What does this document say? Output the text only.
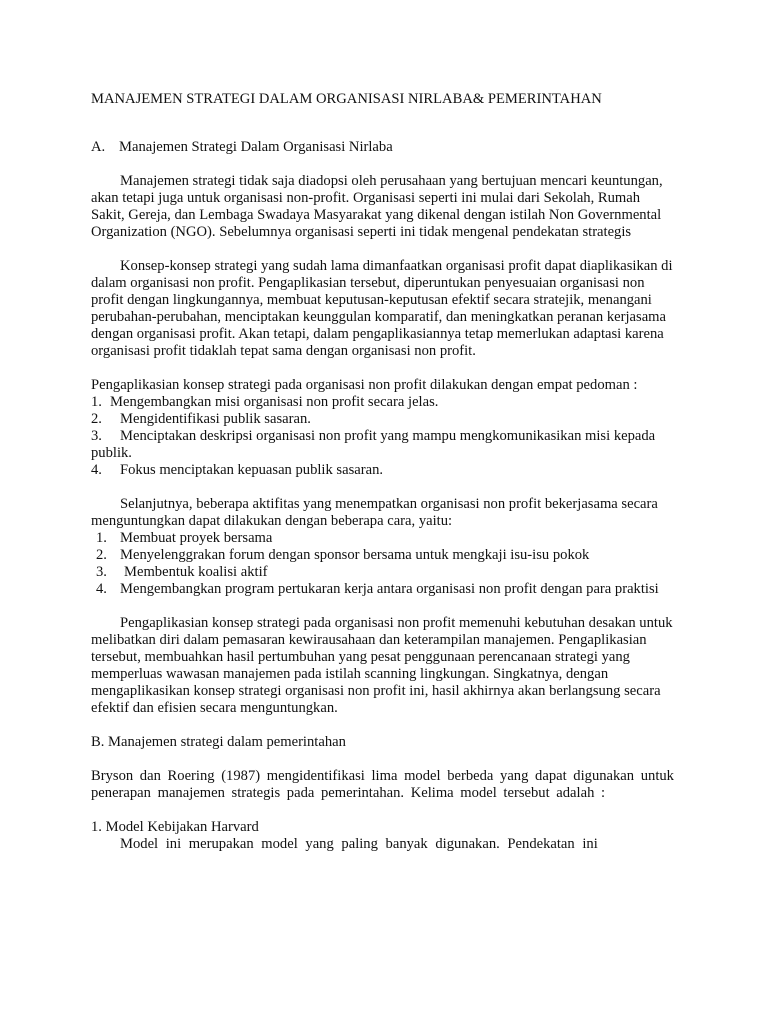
MANAJEMEN STRATEGI DALAM ORGANISASI NIRLABA& PEMERINTAHAN
A. Manajemen Strategi Dalam Organisasi Nirlaba

Manajemen strategi tidak saja diadopsi oleh perusahaan yang bertujuan mencari keuntungan, akan tetapi juga untuk organisasi non-profit. Organisasi seperti ini mulai dari Sekolah, Rumah Sakit, Gereja, dan Lembaga Swadaya Masyarakat yang dikenal dengan istilah Non Governmental Organization (NGO). Sebelumnya organisasi seperti ini tidak mengenal pendekatan strategis

Konsep-konsep strategi yang sudah lama dimanfaatkan organisasi profit dapat diaplikasikan di dalam organisasi non profit. Pengaplikasian tersebut, diperuntukan penyesuaian organisasi non profit dengan lingkungannya, membuat keputusan-keputusan efektif secara stratejik, menangani perubahan-perubahan, menciptakan keunggulan komparatif, dan meningkatkan peranan kerjasama dengan organisasi profit. Akan tetapi, dalam pengaplikasiannya tetap memerlukan adaptasi karena organisasi profit tidaklah tepat sama dengan organisasi non profit.

Pengaplikasian konsep strategi pada organisasi non profit dilakukan dengan empat pedoman :
1. Mengembangkan misi organisasi non profit secara jelas.
2. Mengidentifikasi publik sasaran.
3. Menciptakan deskripsi organisasi non profit yang mampu mengkomunikasikan misi kepada publik.
4. Fokus menciptakan kepuasan publik sasaran.
Selanjutnya, beberapa aktifitas yang menempatkan organisasi non profit bekerjasama secara menguntungkan dapat dilakukan dengan beberapa cara, yaitu:
1. Membuat proyek bersama
2. Menyelenggrakan forum dengan sponsor bersama untuk mengkaji isu-isu pokok
3. Membentuk koalisi aktif
4. Mengembangkan program pertukaran kerja antara organisasi non profit dengan para praktisi

Pengaplikasian konsep strategi pada organisasi non profit memenuhi kebutuhan desakan untuk melibatkan diri dalam pemasaran kewirausahaan dan keterampilan manajemen. Pengaplikasian tersebut, membuahkan hasil pertumbuhan yang pesat penggunaan perencanaan strategi yang memperluas wawasan manajemen pada istilah scanning lingkungan. Singkatnya, dengan mengaplikasikan konsep strategi organisasi non profit ini, hasil akhirnya akan berlangsung secara efektif dan efisien secara menguntungkan.

B. Manajemen strategi dalam pemerintahan

Bryson dan Roering (1987) mengidentifikasi lima model berbeda yang dapat digunakan untuk penerapan manajemen strategis pada pemerintahan. Kelima model tersebut adalah :

1. Model Kebijakan Harvard
Model ini merupakan model yang paling banyak digunakan. Pendekatan ini
